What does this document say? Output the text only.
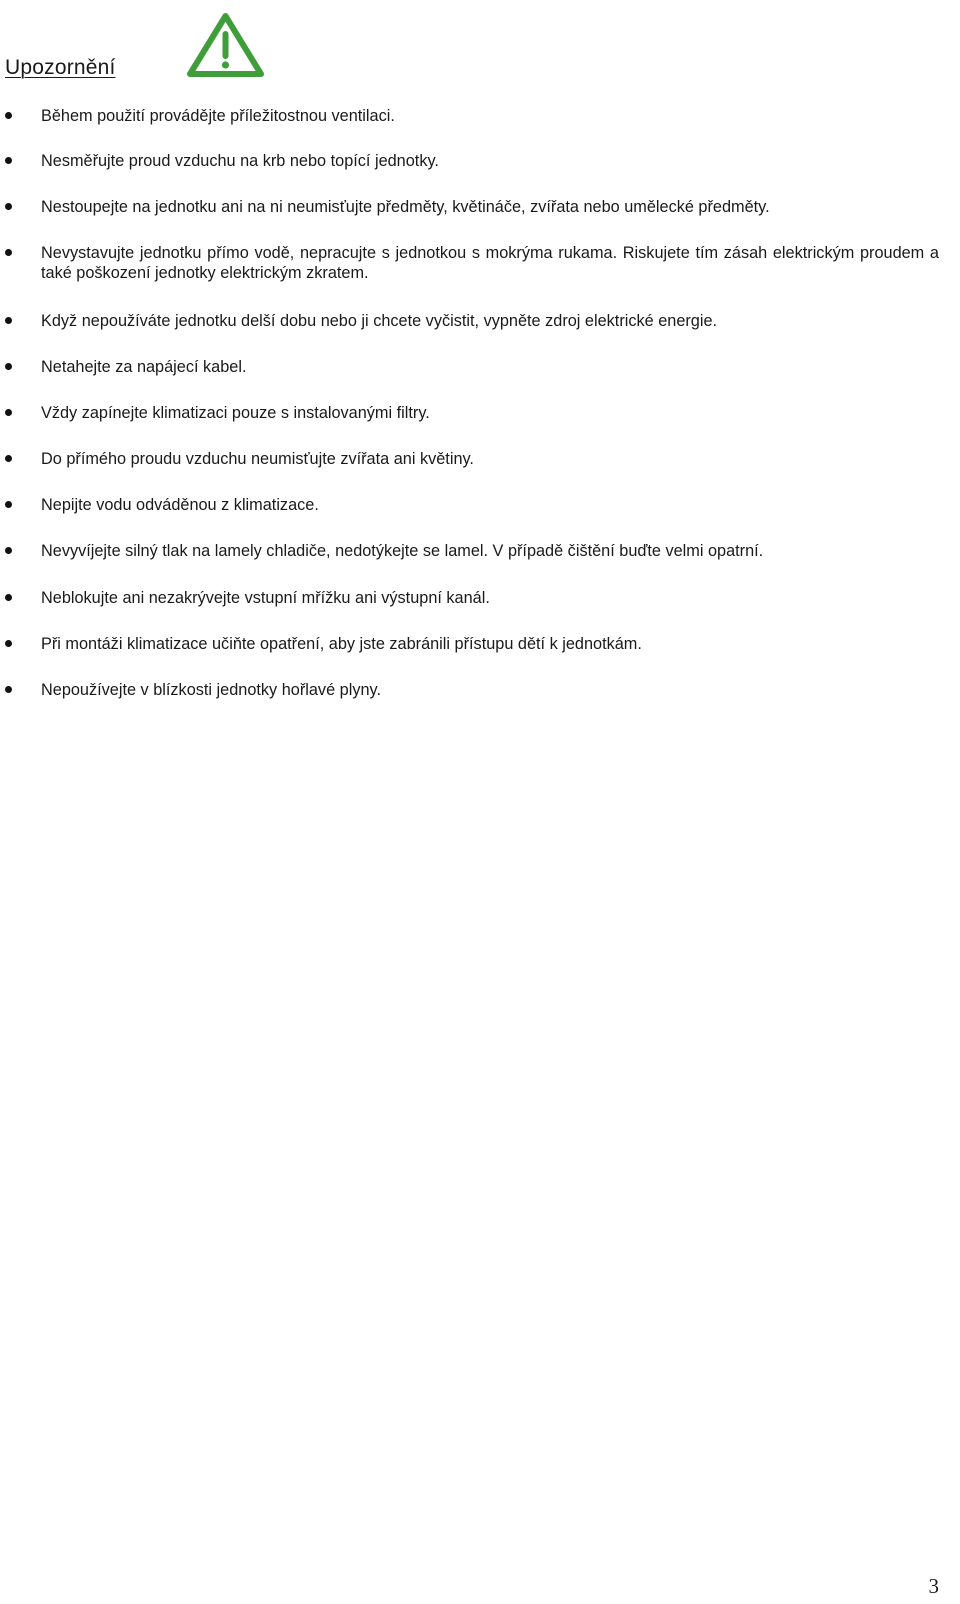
Upozornění
Během použití provádějte příležitostnou ventilaci.
Nesměřujte proud vzduchu na krb nebo topící jednotky.
Nestoupejte na jednotku ani na ni neumisťujte předměty, květináče, zvířata nebo umělecké předměty.
Nevystavujte jednotku přímo vodě, nepracujte s jednotkou s mokrýma rukama. Riskujete tím zásah elektrickým proudem a také poškození jednotky elektrickým zkratem.
Když nepoužíváte jednotku delší dobu nebo ji chcete vyčistit, vypněte zdroj elektrické energie.
Netahejte za napájecí kabel.
Vždy zapínejte klimatizaci pouze s instalovanými filtry.
Do přímého proudu vzduchu neumisťujte zvířata ani květiny.
Nepijte vodu odváděnou z klimatizace.
Nevyvíjejte silný tlak na lamely chladiče, nedotýkejte se lamel. V případě čištění buďte velmi opatrní.
Neblokujte ani nezakrývejte vstupní mřížku ani výstupní kanál.
Při montáži klimatizace učiňte opatření, aby jste zabránili přístupu dětí k jednotkám.
Nepoužívejte v blízkosti jednotky hořlavé plyny.
3
